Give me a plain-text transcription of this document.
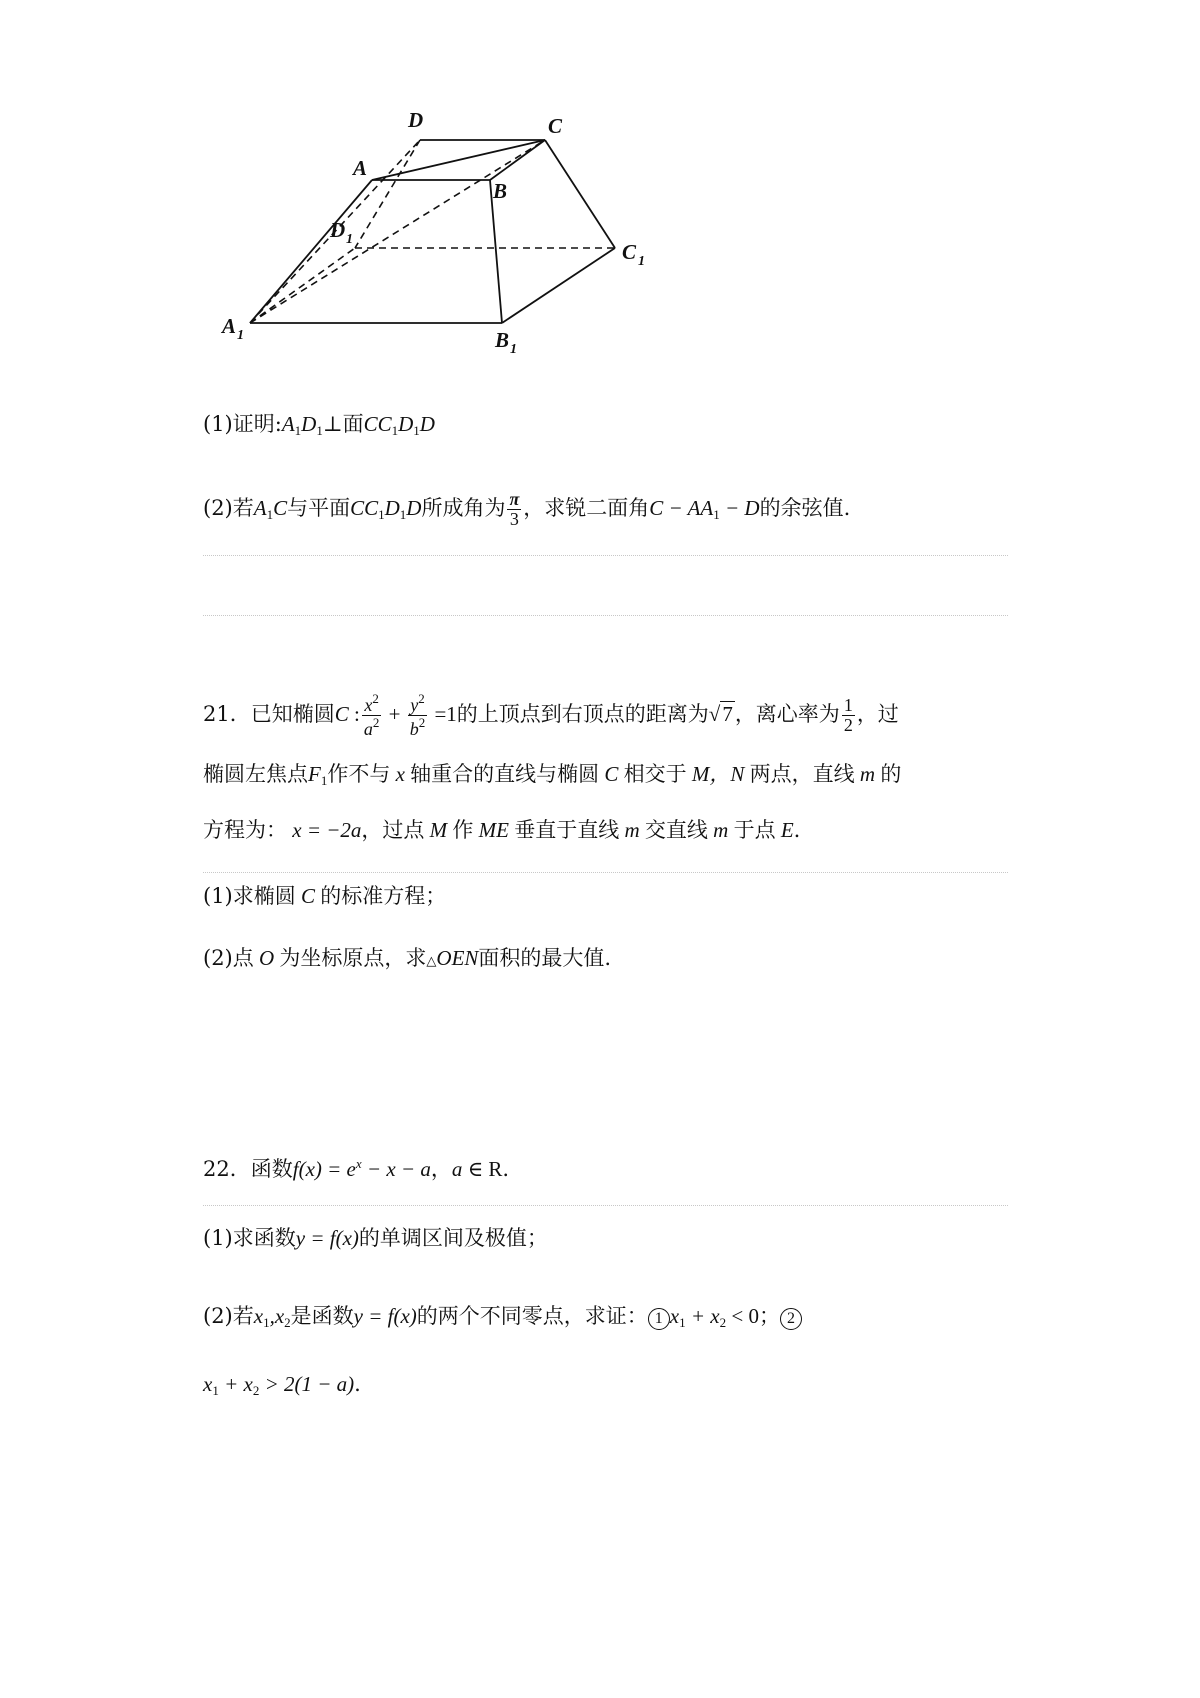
D	C
A
B
D 1
C 1
A 1	B 1
(1)证明$:A_1D_1\perp$面$CC_1D_1D$
(2)若$A_1C$与平面$CC_1D_1D$所成角为 $\frac{\pi}{3}$ ，求锐二面角$C - AA_1 - D$的余弦值.
21．已知椭圆C : $\frac{x^2}{a^2} + \frac{y^2}{b^2} =1$的上顶点到右顶点的距离为√7，离心率为 $\frac{1}{2}$ ，过
椭圆左焦点$F_1$作不与 x 轴重合的直线与椭圆 C 相交于 M，N 两点，直线 m 的
方程为： x = −2a，过点 M 作 ME 垂直于直线 m 交直线 m 于点 E.
(1)求椭圆 C 的标准方程；
(2)点 O 为坐标原点，求△OEN面积的最大值.
22．函数$f(x) = e^x - x - a$，a ∈ R.
(1)求函数y = f(x)的单调区间及极值；
(2)若$x_1,x_2$是函数y = f(x)的两个不同零点，求证： 1 $x_1 + x_2 < 0$； 2
$x_1 + x_2 > 2(1 - a)$.
